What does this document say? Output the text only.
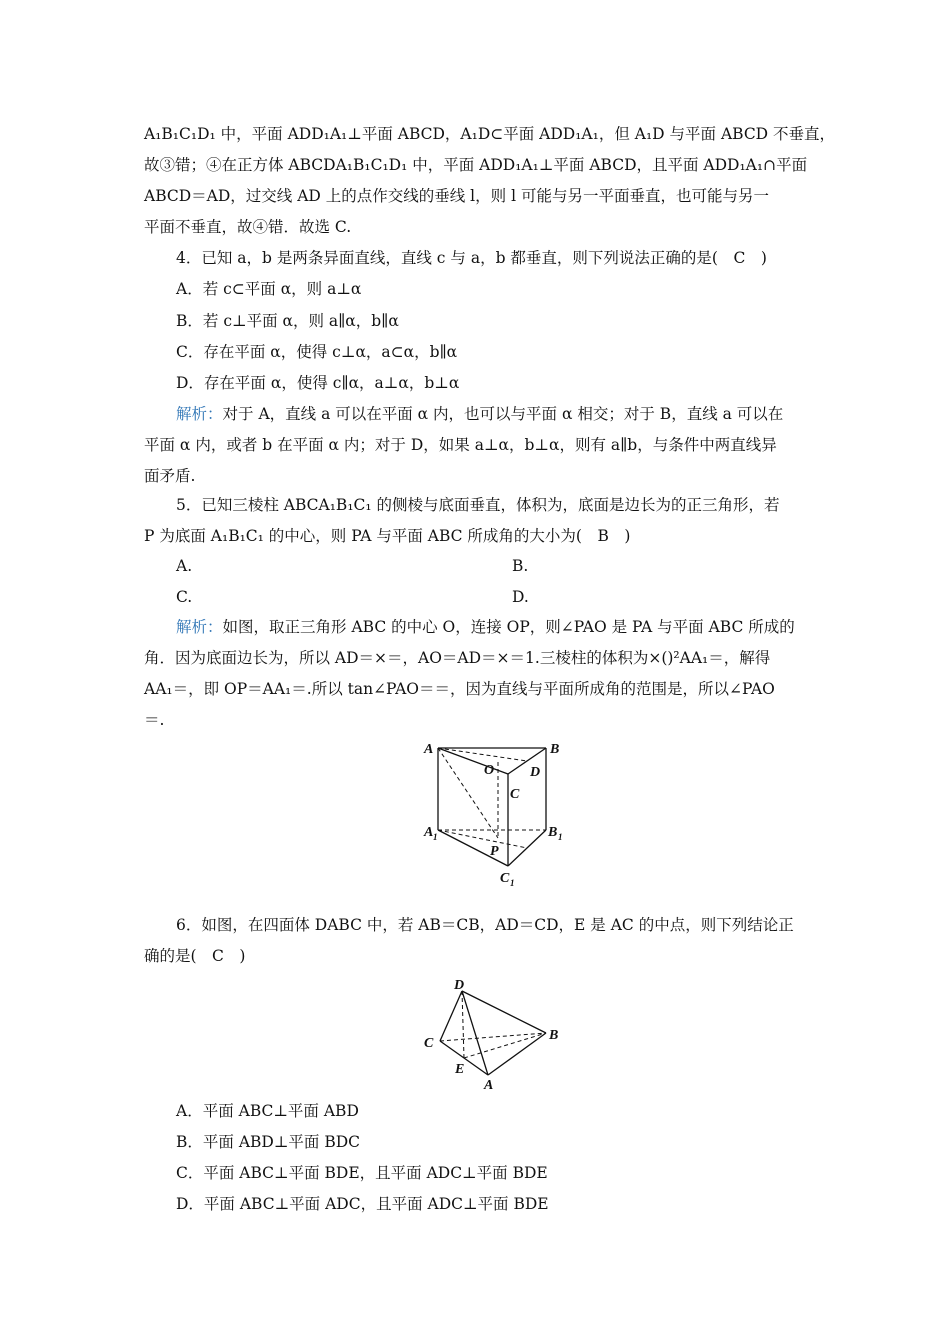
A₁B₁C₁D₁ 中，平面 ADD₁A₁⊥平面 ABCD，A₁D⊂平面 ADD₁A₁，但 A₁D 与平面 ABCD 不垂直，
故③错；④在正方体 ABCDA₁B₁C₁D₁ 中，平面 ADD₁A₁⊥平面 ABCD，且平面 ADD₁A₁∩平面
ABCD＝AD，过交线 AD 上的点作交线的垂线 l，则 l 可能与另一平面垂直，也可能与另一
平面不垂直，故④错．故选 C.
4．已知 a，b 是两条异面直线，直线 c 与 a，b 都垂直，则下列说法正确的是(　C　)
A．若 c⊂平面 α，则 a⊥α
B．若 c⊥平面 α，则 a∥α，b∥α
C．存在平面 α，使得 c⊥α，a⊂α，b∥α
D．存在平面 α，使得 c∥α，a⊥α，b⊥α
解析：对于 A，直线 a 可以在平面 α 内，也可以与平面 α 相交；对于 B，直线 a 可以在
平面 α 内，或者 b 在平面 α 内；对于 D，如果 a⊥α，b⊥α，则有 a∥b，与条件中两直线异
面矛盾.
5．已知三棱柱 ABCA₁B₁C₁ 的侧棱与底面垂直，体积为，底面是边长为的正三角形，若
P 为底面 A₁B₁C₁ 的中心，则 PA 与平面 ABC 所成角的大小为(　B　)
A.	B.
C.	D.
解析：如图，取正三角形 ABC 的中心 O，连接 OP，则∠PAO 是 PA 与平面 ABC 所成的
角．因为底面边长为，所以 AD＝×＝，AO＝AD＝×＝1.三棱柱的体积为×()²AA₁＝，解得
AA₁＝，即 OP＝AA₁＝.所以 tan∠PAO＝＝，因为直线与平面所成角的范围是，所以∠PAO
＝.
A	B
O	D
C
A 1	B 1
P
C 1
6．如图，在四面体 DABC 中，若 AB＝CB，AD＝CD，E 是 AC 的中点，则下列结论正
确的是(　C　)
D
C
B
E
A
A．平面 ABC⊥平面 ABD
B．平面 ABD⊥平面 BDC
C．平面 ABC⊥平面 BDE，且平面 ADC⊥平面 BDE
D．平面 ABC⊥平面 ADC，且平面 ADC⊥平面 BDE
